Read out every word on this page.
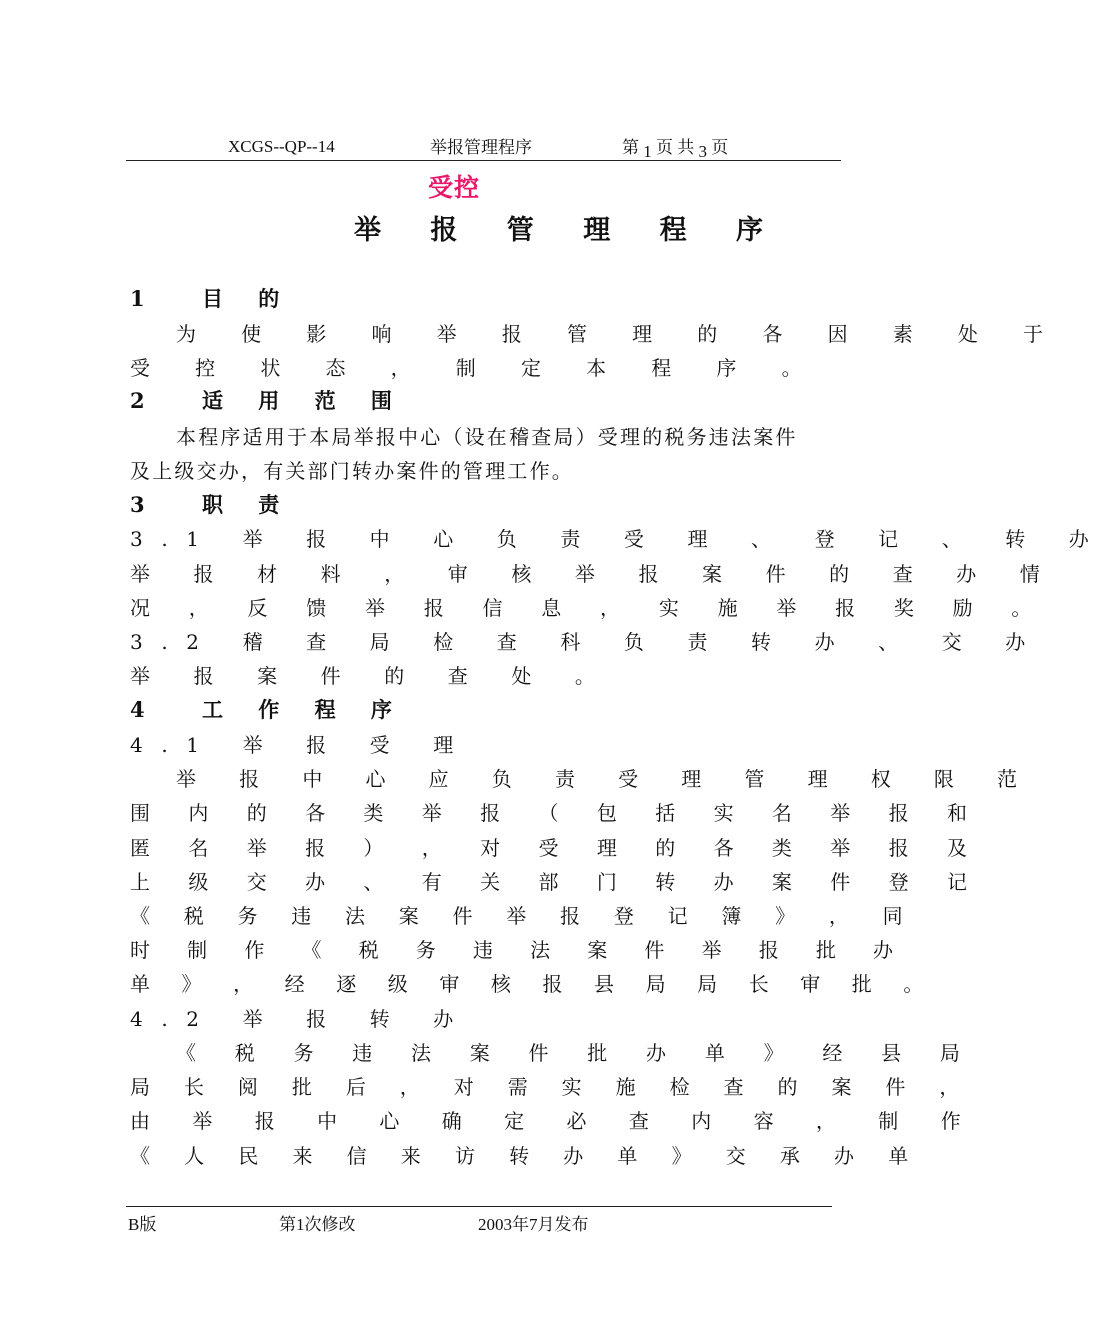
XCGS--QP--14	举报管理程序	第 1 页 共 3 页
受控
举 报 管 理 程 序
1	目 的
为 使 影 响 举 报 管 理 的 各 因 素 处 于
受 控 状 态 ， 制 定 本 程 序 。
2	适 用 范 围
本程序适用于本局举报中心（设在稽查局）受理的税务违法案件
及上级交办，有关部门转办案件的管理工作。
3	职 责
3.1 举 报 中 心 负 责 受 理 、 登 记 、 转 办
举 报 材 料 ， 审 核 举 报 案 件 的 查 办 情
况 ， 反 馈 举 报 信 息 ， 实 施 举 报 奖 励 。
3.2 稽 查 局 检 查 科 负 责 转 办 、 交 办
举 报 案 件 的 查 处 。
4	工 作 程 序
4.1 举 报 受 理
举 报 中 心 应 负 责 受 理 管 理 权 限 范
围 内 的 各 类 举 报 （ 包 括 实 名 举 报 和
匿 名 举 报 ） ， 对 受 理 的 各 类 举 报 及
上 级 交 办 、 有 关 部 门 转 办 案 件 登 记
《 税 务 违 法 案 件 举 报 登 记 簿 》 ， 同
时 制 作 《 税 务 违 法 案 件 举 报 批 办
单 》 ， 经 逐 级 审 核 报 县 局 局 长 审 批 。
4.2 举 报 转 办
《 税 务 违 法 案 件 批 办 单 》 经 县 局
局 长 阅 批 后 ， 对 需 实 施 检 查 的 案 件 ，
由 举 报 中 心 确 定 必 查 内 容 ， 制 作
《 人 民 来 信 来 访 转 办 单 》 交 承 办 单
B版	第1次修改	2003年7月发布
